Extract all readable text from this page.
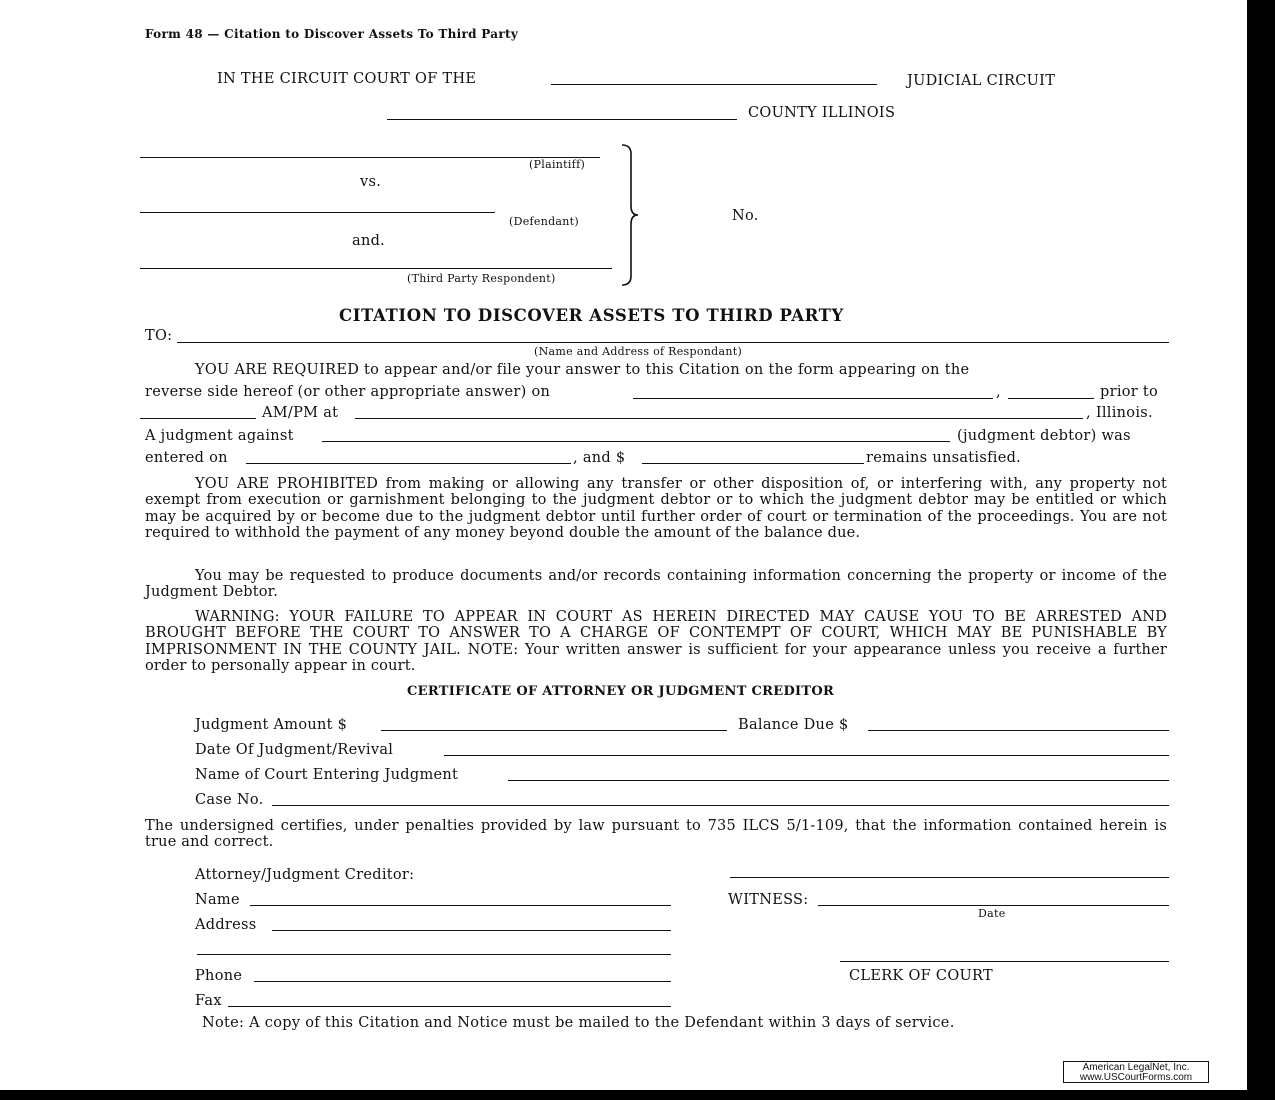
Form 48 — Citation to Discover Assets To Third Party
IN THE CIRCUIT COURT OF THE	JUDICIAL CIRCUIT
COUNTY ILLINOIS
(Plaintiff)
vs.
(Defendant)
and.
(Third Party Respondent)
No.
CITATION TO DISCOVER ASSETS TO THIRD PARTY
TO:
(Name and Address of Respondant)
YOU ARE REQUIRED to appear and/or file your answer to this Citation on the form appearing on the
reverse side hereof (or other appropriate answer) on	,	prior to
AM/PM at	, Illinois.
A judgment against	(judgment debtor) was
entered on	, and $	remains unsatisfied.
YOU ARE PROHIBITED from making or allowing any transfer or other disposition of, or interfering with, any property not exempt from execution or garnishment belonging to the judgment debtor or to which the judgment debtor may be entitled or which may be acquired by or become due to the judgment debtor until further order of court or termination of the proceedings. You are not required to withhold the payment of any money beyond double the amount of the balance due.
You may be requested to produce documents and/or records containing information concerning the property or income of the Judgment Debtor.
WARNING: YOUR FAILURE TO APPEAR IN COURT AS HEREIN DIRECTED MAY CAUSE YOU TO BE ARRESTED AND BROUGHT BEFORE THE COURT TO ANSWER TO A CHARGE OF CONTEMPT OF COURT, WHICH MAY BE PUNISHABLE BY IMPRISONMENT IN THE COUNTY JAIL. NOTE: Your written answer is sufficient for your appearance unless you receive a further order to personally appear in court.
CERTIFICATE OF ATTORNEY OR JUDGMENT CREDITOR
Judgment Amount $	Balance Due $
Date Of Judgment/Revival
Name of Court Entering Judgment
Case No.
The undersigned certifies, under penalties provided by law pursuant to 735 ILCS 5/1-109, that the information contained herein is true and correct.
Attorney/Judgment Creditor:
Name	WITNESS:
Date
Address
Phone	CLERK OF COURT
Fax
Note: A copy of this Citation and Notice must be mailed to the Defendant within 3 days of service.
American LegalNet, Inc.
www.USCourtForms.com
